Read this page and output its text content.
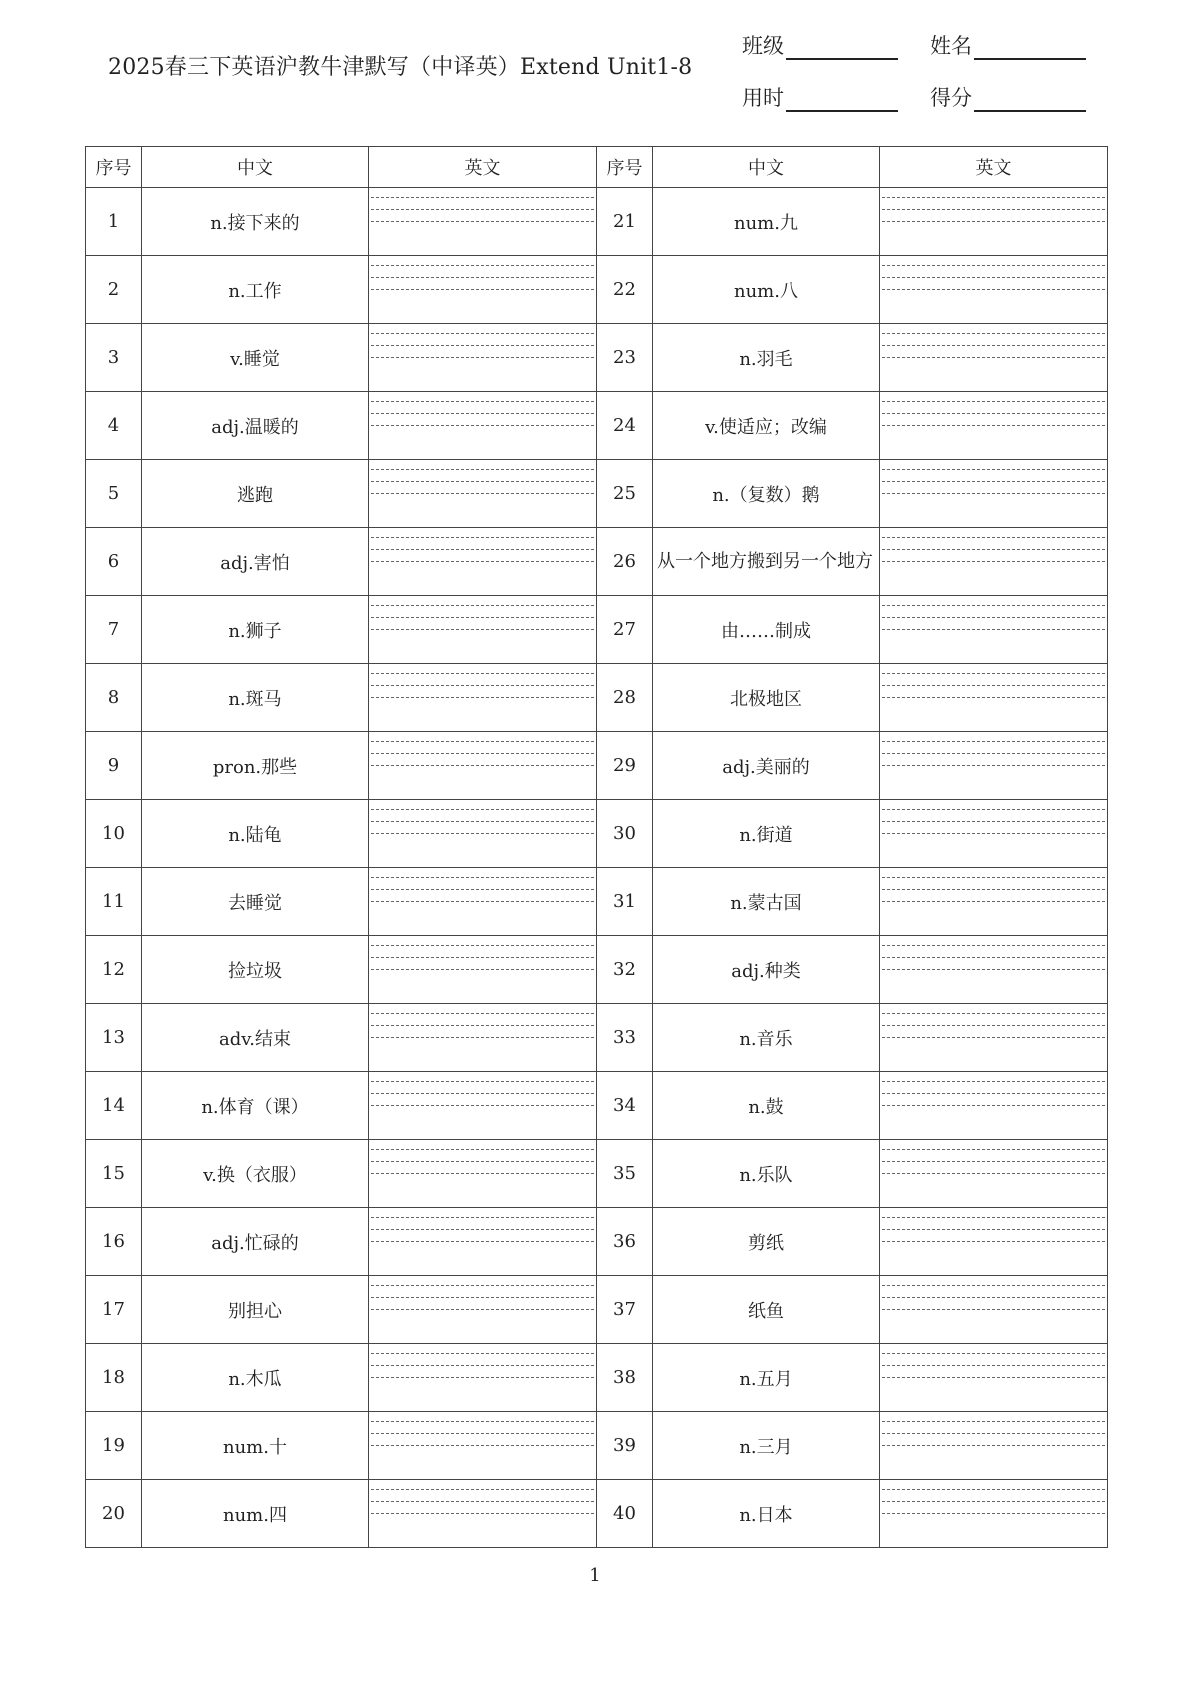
2025春三下英语沪教牛津默写（中译英）Extend Unit1-8
班级	姓名
用时	得分
序号	中文	英文	序号	中文	英文
1	n.接下来的		21	num.九	

2	n.工作		22	num.八	

3	v.睡觉		23	n.羽毛	

4	adj.温暖的		24	v.使适应；改编	

5	逃跑		25	n.（复数）鹅	

6	adj.害怕		26	从一个地方搬到另一个地方	

7	n.狮子		27	由……制成	

8	n.斑马		28	北极地区	

9	pron.那些		29	adj.美丽的	

10	n.陆龟		30	n.街道	

11	去睡觉		31	n.蒙古国	

12	捡垃圾		32	adj.种类	

13	adv.结束		33	n.音乐	

14	n.体育（课）		34	n.鼓	

15	v.换（衣服）		35	n.乐队	

16	adj.忙碌的		36	剪纸	

17	别担心		37	纸鱼	

18	n.木瓜		38	n.五月	

19	num.十		39	n.三月	

20	num.四		40	n.日本	
1
